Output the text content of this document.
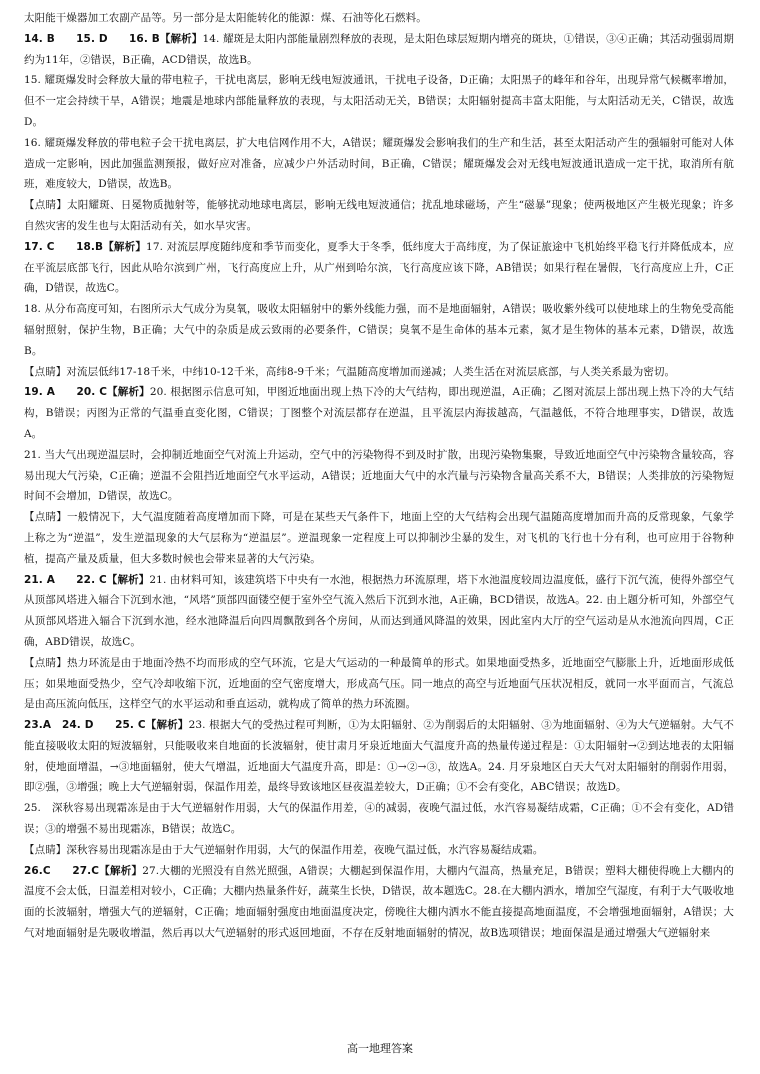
太阳能干燥器加工农副产品等。另一部分是太阳能转化的能源：煤、石油等化石燃料。

14. B　　15. D　　16. B【解析】14. 耀斑是太阳内部能量剧烈释放的表现，是太阳色球层短期内增亮的斑块，①错误，③④正确；其活动强弱周期约为11年，②错误，B正确，ACD错误，故选B。

15. 耀斑爆发时会释放大量的带电粒子，干扰电离层，影响无线电短波通讯，干扰电子设备，D正确；太阳黑子的峰年和谷年，出现异常气候概率增加，但不一定会持续干旱，A错误；地震是地球内部能量释放的表现，与太阳活动无关，B错误；太阳辐射提高丰富太阳能，与太阳活动无关，C错误，故选D。

16. 耀斑爆发释放的带电粒子会干扰电离层，扩大电信网作用不大，A错误；耀斑爆发会影响我们的生产和生活，甚至太阳活动产生的强辐射可能对人体造成一定影响，因此加强监测预报，做好应对准备，应减少户外活动时间，B正确，C错误；耀斑爆发会对无线电短波通讯造成一定干扰，取消所有航班，难度较大，D错误，故选B。

【点睛】太阳耀斑、日冕物质抛射等，能够扰动地球电离层，影响无线电短波通信；扰乱地球磁场，产生“磁暴”现象；使两极地区产生极光现象；许多自然灾害的发生也与太阳活动有关，如水旱灾害。

17. C　　18.B【解析】17. 对流层厚度随纬度和季节而变化，夏季大于冬季，低纬度大于高纬度，为了保证旅途中飞机始终平稳飞行并降低成本，应在平流层底部飞行，因此从哈尔滨到广州，飞行高度应上升，从广州到哈尔滨，飞行高度应该下降，AB错误；如果行程在暑假，飞行高度应上升，C正确，D错误，故选C。

18. 从分布高度可知，右图所示大气成分为臭氧，吸收太阳辐射中的紫外线能力强，而不是地面辐射，A错误；吸收紫外线可以使地球上的生物免受高能辐射照射，保护生物，B正确；大气中的杂质是成云致雨的必要条件，C错误；臭氧不是生命体的基本元素，氮才是生物体的基本元素，D错误，故选B。

【点睛】对流层低纬17-18千米，中纬10-12千米，高纬8-9千米；气温随高度增加而递减；人类生活在对流层底部，与人类关系最为密切。

19. A　　20. C【解析】20. 根据图示信息可知，甲图近地面出现上热下冷的大气结构，即出现逆温，A正确；乙图对流层上部出现上热下冷的大气结构，B错误；丙图为正常的气温垂直变化图，C错误；丁图整个对流层都存在逆温，且平流层内海拔越高，气温越低，不符合地理事实，D错误，故选A。

21. 当大气出现逆温层时，会抑制近地面空气对流上升运动，空气中的污染物得不到及时扩散，出现污染物集聚，导致近地面空气中污染物含量较高，容易出现大气污染，C正确；逆温不会阻挡近地面空气水平运动，A错误；近地面大气中的水汽量与污染物含量高关系不大，B错误；人类排放的污染物短时间不会增加，D错误，故选C。

【点睛】一般情况下，大气温度随着高度增加而下降，可是在某些天气条件下，地面上空的大气结构会出现气温随高度增加而升高的反常现象，气象学上称之为“逆温”，发生逆温现象的大气层称为“逆温层”。逆温现象一定程度上可以抑制沙尘暴的发生，对飞机的飞行也十分有利，也可应用于谷物种植，提高产量及质量，但大多数时候也会带来显著的大气污染。

21. A　　22. C【解析】21. 由材料可知，该建筑塔下中央有一水池，根据热力环流原理，塔下水池温度较周边温度低，盛行下沉气流，使得外部空气从顶部风塔进入辐合下沉到水池，“风塔”顶部四面镂空便于室外空气流入然后下沉到水池，A正确，BCD错误，故选A。22. 由上题分析可知，外部空气从顶部风塔进入辐合下沉到水池，经水池降温后向四周飘散到各个房间，从而达到通风降温的效果，因此室内大厅的空气运动是从水池流向四周，C正确，ABD错误，故选C。

【点睛】热力环流是由于地面冷热不均而形成的空气环流，它是大气运动的一种最简单的形式。如果地面受热多，近地面空气膨胀上升，近地面形成低压；如果地面受热少，空气冷却收缩下沉，近地面的空气密度增大，形成高气压。同一地点的高空与近地面气压状况相反，就同一水平面而言，气流总是由高压流向低压，这样空气的水平运动和垂直运动，就构成了简单的热力环流圈。

23.A　24. D　　25. C【解析】23. 根据大气的受热过程可判断，①为太阳辐射、②为削弱后的太阳辐射、③为地面辐射、④为大气逆辐射。大气不能直接吸收太阳的短波辐射，只能吸收来自地面的长波辐射，使甘肃月牙泉近地面大气温度升高的热量传递过程是：①太阳辐射→②到达地表的太阳辐射，使地面增温，→③地面辐射，使大气增温，近地面大气温度升高，即是：①→②→③，故选A。24. 月牙泉地区白天大气对太阳辐射的削弱作用弱，即②强，③增强；晚上大气逆辐射弱，保温作用差，最终导致该地区昼夜温差较大，D正确；①不会有变化，ABC错误；故选D。

25.　深秋容易出现霜冻是由于大气逆辐射作用弱，大气的保温作用差，④的减弱，夜晚气温过低，水汽容易凝结成霜，C正确；①不会有变化，AD错误；③的增强不易出现霜冻，B错误；故选C。

【点睛】深秋容易出现霜冻是由于大气逆辐射作用弱，大气的保温作用差，夜晚气温过低，水汽容易凝结成霜。

26.C　　27.C【解析】27.大棚的光照没有自然光照强，A错误；大棚起到保温作用，大棚内气温高，热量充足，B错误；塑料大棚使得晚上大棚内的温度不会太低，日温差相对较小，C正确；大棚内热量条件好，蔬菜生长快，D错误，故本题选C。28.在大棚内洒水，增加空气湿度，有利于大气吸收地面的长波辐射，增强大气的逆辐射，C正确；地面辐射强度由地面温度决定，傍晚往大棚内洒水不能直接提高地面温度，不会增强地面辐射，A错误；大气对地面辐射是先吸收增温，然后再以大气逆辐射的形式返回地面，不存在反射地面辐射的情况，故B选项错误；地面保温是通过增强大气逆辐射来

高一地理答案
